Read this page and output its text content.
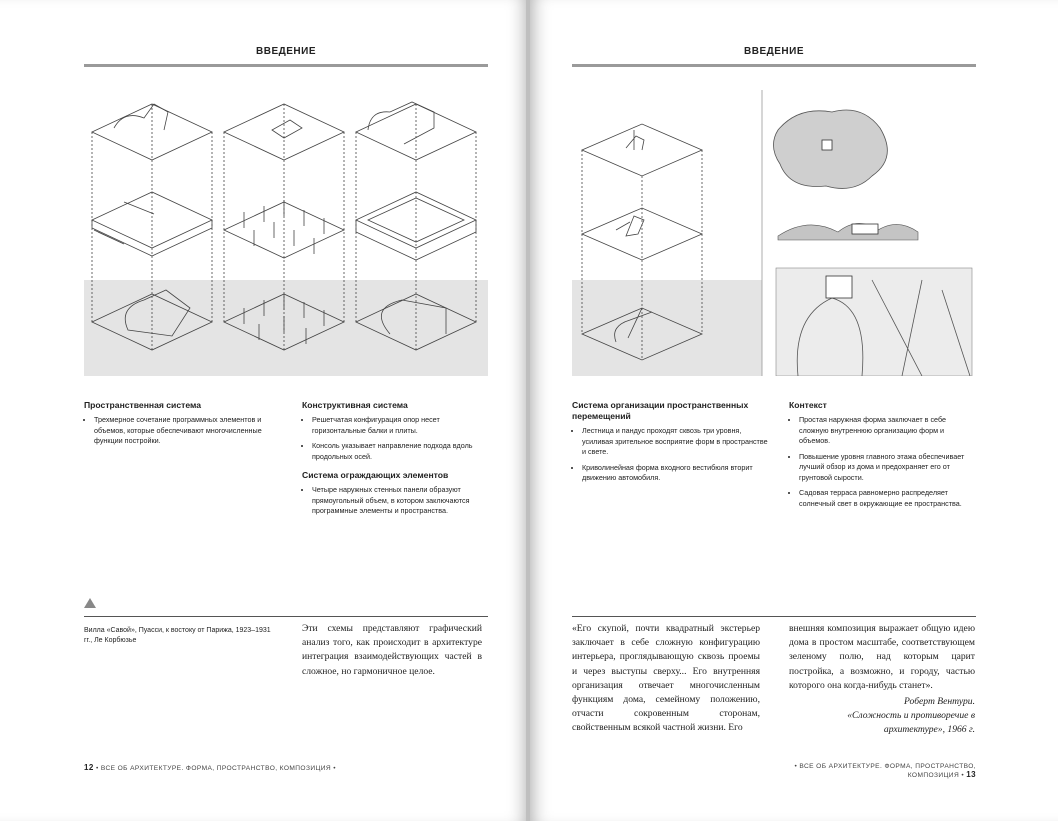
ВВЕДЕНИЕ
Пространственная система
• Трехмерное сочетание программных элементов и объемов, которые обеспечивают многочисленные функции постройки.
Конструктивная система
• Решетчатая конфигурация опор несет горизонтальные балки и плиты.
• Консоль указывает направление подхода вдоль продольных осей.
Система ограждающих элементов
• Четыре наружных стенных панели образуют прямоугольный объем, в котором заключаются программные элементы и пространства.
Вилла «Савой», Пуасси, к востоку от Парижа, 1923–1931 гг., Ле Корбюзье
Эти схемы представляют графический анализ того, как происходит в архитектуре интеграция взаимодействующих частей в сложное, но гармоничное целое.
12 • ВСЕ ОБ АРХИТЕКТУРЕ. ФОРМА, ПРОСТРАНСТВО, КОМПОЗИЦИЯ •
ВВЕДЕНИЕ
Система организации пространственных перемещений
• Лестница и пандус проходят сквозь три уровня, усиливая зрительное восприятие форм в пространстве и свете.
• Криволинейная форма входного вестибюля вторит движению автомобиля.
Контекст
• Простая наружная форма заключает в себе сложную внутреннюю организацию форм и объемов.
• Повышение уровня главного этажа обеспечивает лучший обзор из дома и предохраняет его от грунтовой сырости.
• Садовая терраса равномерно распределяет солнечный свет в окружающие ее пространства.
«Его скупой, почти квадратный экстерьер заключает в себе сложную конфигурацию интерьера, проглядывающую сквозь проемы и через выступы сверху... Его внутренняя организация отвечает многочисленным функциям дома, семейному положению, отчасти сокровенным сторонам, свойственным всякой частной жизни. Его
внешняя композиция выражает общую идею дома в простом масштабе, соответствующем зеленому полю, над которым царит постройка, а возможно, и городу, частью которого она когда-нибудь станет».
Роберт Вентури.
«Сложность и противоречие в архитектуре», 1966 г.
• ВСЕ ОБ АРХИТЕКТУРЕ. ФОРМА, ПРОСТРАНСТВО, КОМПОЗИЦИЯ • 13
